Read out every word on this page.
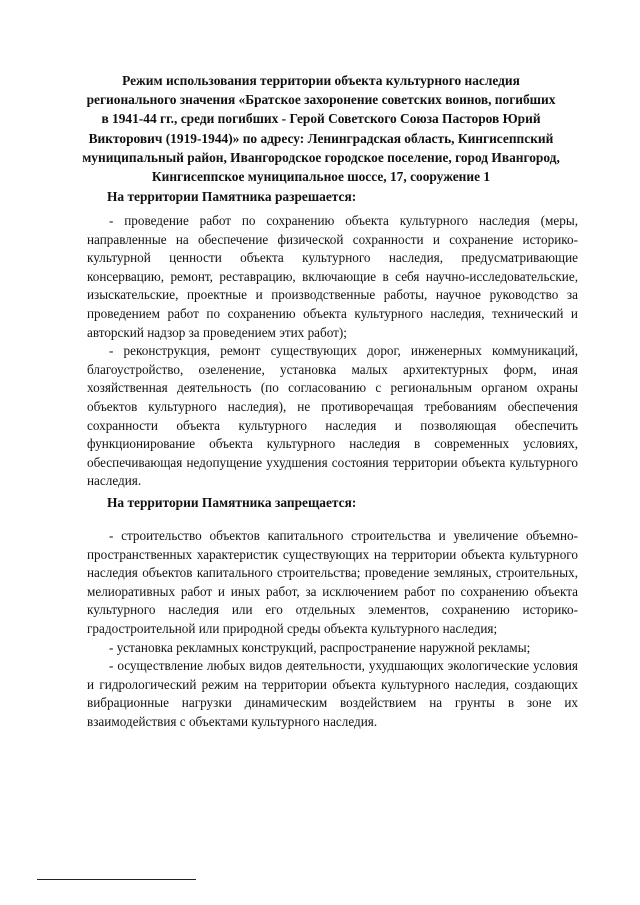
Режим использования территории объекта культурного наследия
регионального значения «Братское захоронение советских воинов, погибших
в 1941-44 гг., среди погибших - Герой Советского Союза Пасторов Юрий
Викторович (1919-1944)» по адресу: Ленинградская область, Кингисеппский
муниципальный район, Ивангородское городское поселение, город Ивангород,
Кингисеппское муниципальное шоссе, 17, сооружение 1
На территории Памятника разрешается:

- проведение работ по сохранению объекта культурного наследия (меры, направленные на обеспечение физической сохранности и сохранение историко-культурной ценности объекта культурного наследия, предусматривающие консервацию, ремонт, реставрацию, включающие в себя научно-исследовательские, изыскательские, проектные и производственные работы, научное руководство за проведением работ по сохранению объекта культурного наследия, технический и авторский надзор за проведением этих работ);

- реконструкция, ремонт существующих дорог, инженерных коммуникаций, благоустройство, озеленение, установка малых архитектурных форм, иная хозяйственная деятельность (по согласованию с региональным органом охраны объектов культурного наследия), не противоречащая требованиям обеспечения сохранности объекта культурного наследия и позволяющая обеспечить функционирование объекта культурного наследия в современных условиях, обеспечивающая недопущение ухудшения состояния территории объекта культурного наследия.

На территории Памятника запрещается:

- строительство объектов капитального строительства и увеличение объемно-пространственных характеристик существующих на территории объекта культурного наследия объектов капитального строительства; проведение земляных, строительных, мелиоративных работ и иных работ, за исключением работ по сохранению объекта культурного наследия или его отдельных элементов, сохранению историко-градостроительной или природной среды объекта культурного наследия;

- установка рекламных конструкций, распространение наружной рекламы;

- осуществление любых видов деятельности, ухудшающих экологические условия и гидрологический режим на территории объекта культурного наследия, создающих вибрационные нагрузки динамическим воздействием на грунты в зоне их взаимодействия с объектами культурного наследия.
